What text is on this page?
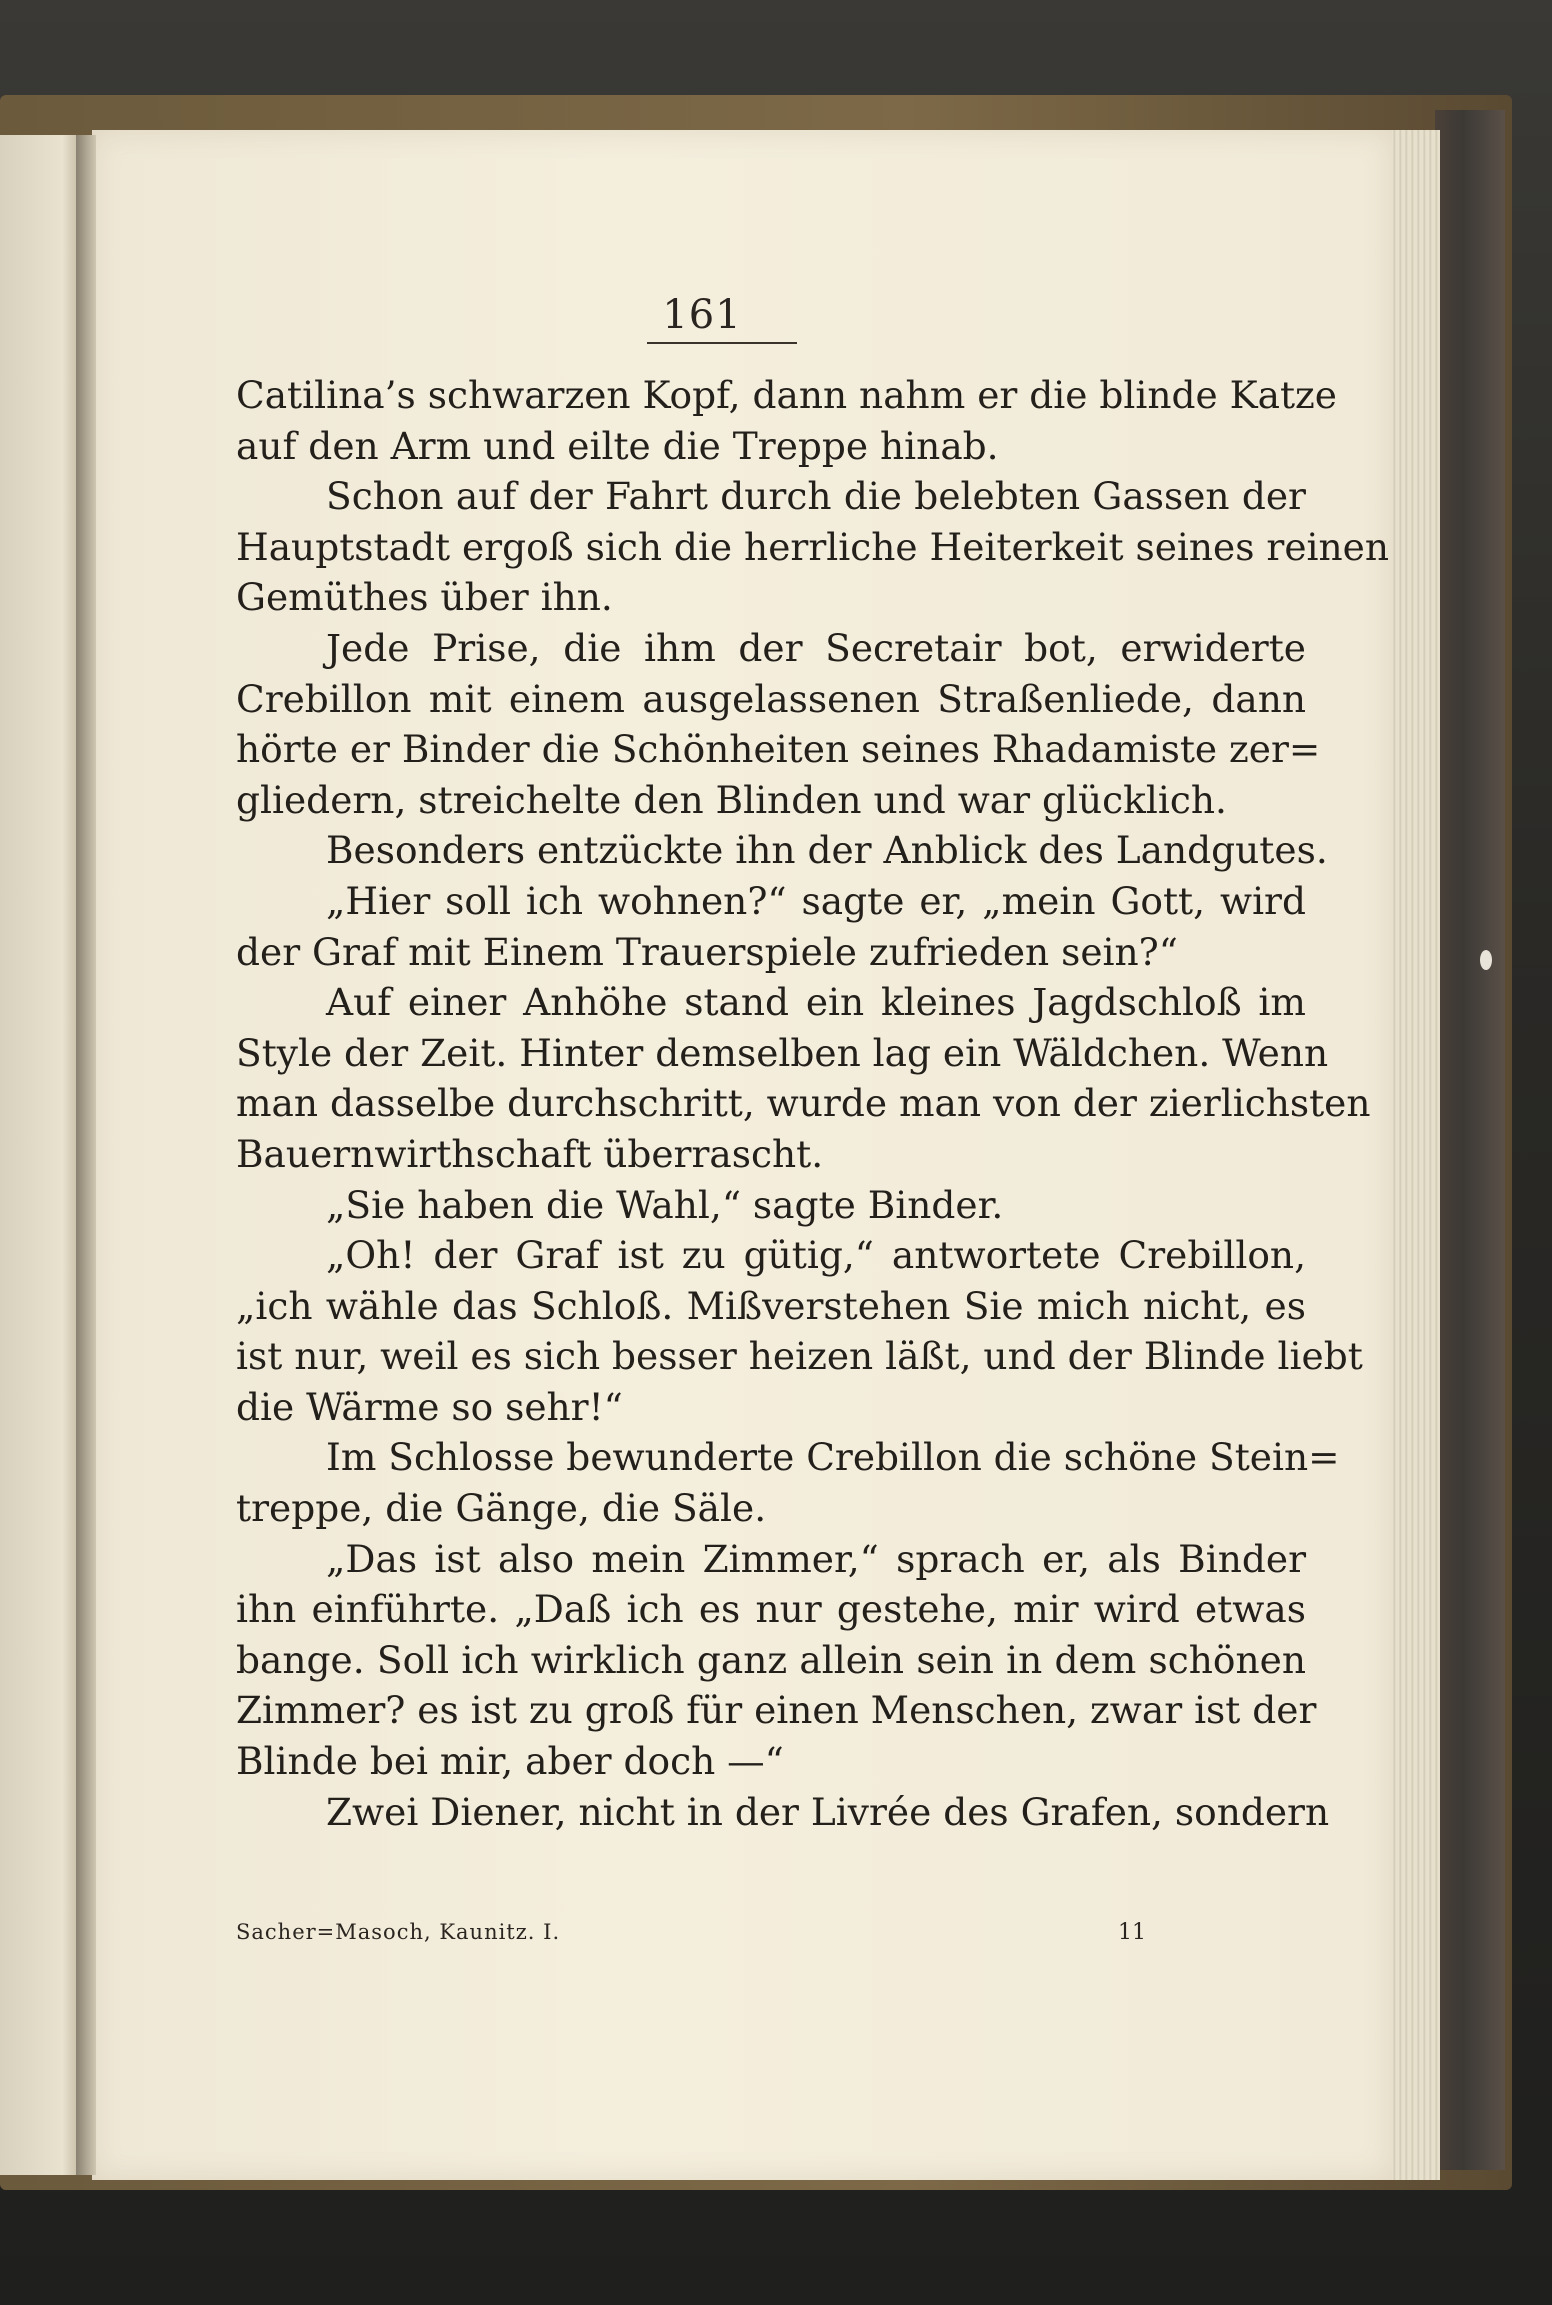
161
Catilina’s schwarzen Kopf, dann nahm er die blinde Katze
auf den Arm und eilte die Treppe hinab.
Schon auf der Fahrt durch die belebten Gassen der
Hauptstadt ergoß sich die herrliche Heiterkeit seines reinen
Gemüthes über ihn.
Jede Prise, die ihm der Secretair bot, erwiderte
Crebillon mit einem ausgelassenen Straßenliede, dann
hörte er Binder die Schönheiten seines Rhadamiste zer=
gliedern, streichelte den Blinden und war glücklich.
Besonders entzückte ihn der Anblick des Landgutes.
„Hier soll ich wohnen?“ sagte er, „mein Gott, wird
der Graf mit Einem Trauerspiele zufrieden sein?“
Auf einer Anhöhe stand ein kleines Jagdschloß im
Style der Zeit. Hinter demselben lag ein Wäldchen. Wenn
man dasselbe durchschritt, wurde man von der zierlichsten
Bauernwirthschaft überrascht.
„Sie haben die Wahl,“ sagte Binder.
„Oh! der Graf ist zu gütig,“ antwortete Crebillon,
„ich wähle das Schloß. Mißverstehen Sie mich nicht, es
ist nur, weil es sich besser heizen läßt, und der Blinde liebt
die Wärme so sehr!“
Im Schlosse bewunderte Crebillon die schöne Stein=
treppe, die Gänge, die Säle.
„Das ist also mein Zimmer,“ sprach er, als Binder
ihn einführte. „Daß ich es nur gestehe, mir wird etwas
bange. Soll ich wirklich ganz allein sein in dem schönen
Zimmer? es ist zu groß für einen Menschen, zwar ist der
Blinde bei mir, aber doch —“
Zwei Diener, nicht in der Livrée des Grafen, sondern
Sacher=Masoch, Kaunitz. I.	11
